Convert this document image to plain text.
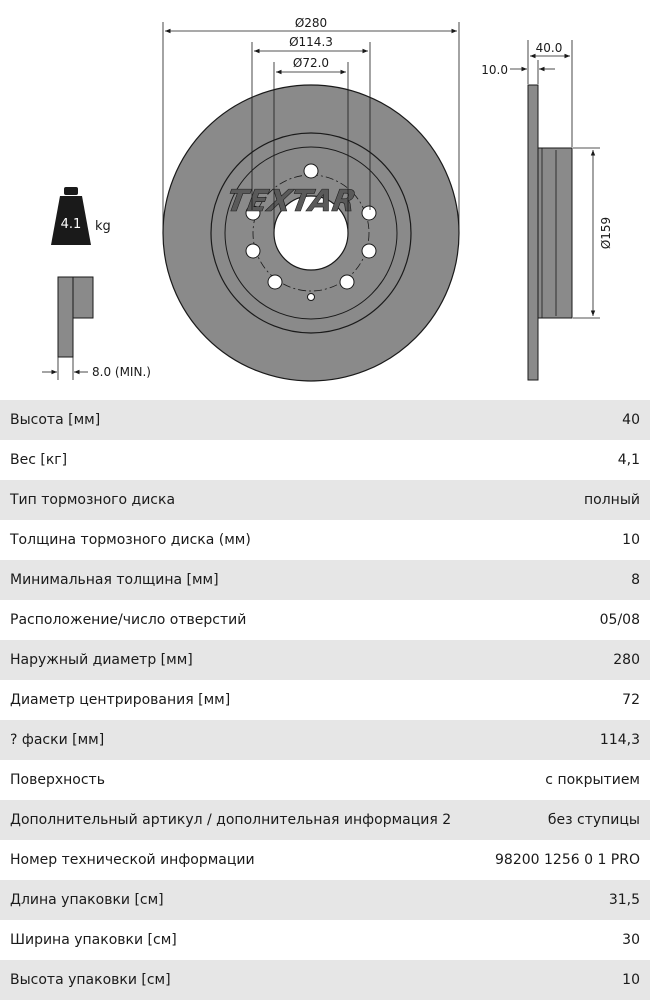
TEXTAR
Ø280
Ø114.3
Ø72.0
40.0
10.0
Ø159
4.1 kg
8.0 (MIN.)
Высота [мм]	40
Вес [кг]	4,1
Тип тормозного диска	полный
Толщина тормозного диска (мм)	10
Минимальная толщина [мм]	8
Расположение/число отверстий	05/08
Наружный диаметр [мм]	280
Диаметр центрирования [мм]	72
? фаски [мм]	114,3
Поверхность	с покрытием
Дополнительный артикул / дополнительная информация 2	без ступицы
Номер технической информации	98200 1256 0 1 PRO
Длина упаковки [см]	31,5
Ширина упаковки [см]	30
Высота упаковки [см]	10
